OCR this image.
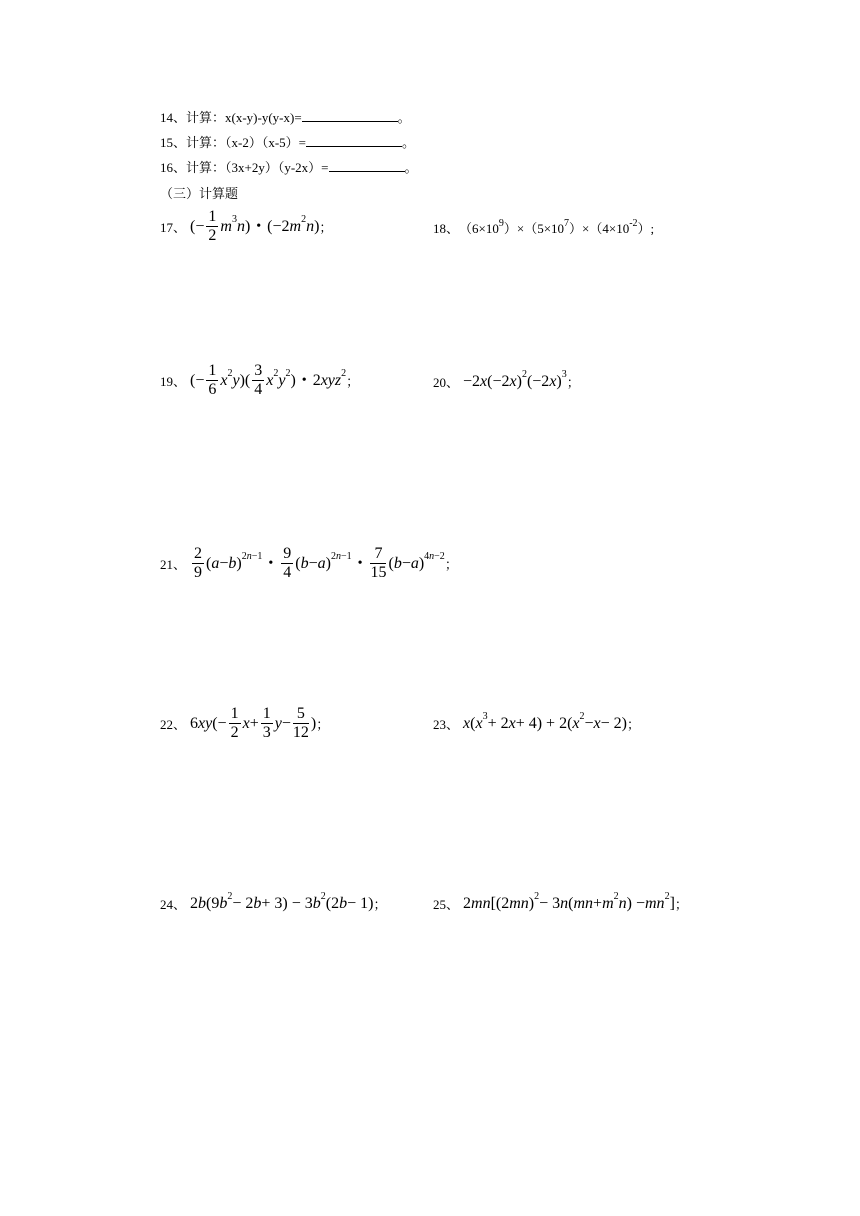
14、计算：x(x-y)-y(y-x)=	。
15、计算：（x-2）（x-5）=	。
16、计算：（3x+2y）（y-2x）=	。
（三）计算题
17、 (− $\frac{1}{2} m^3$ n ) • (−2 $m^2$ n ) ；	18、 $(6\times 10^9)\times(5\times 10^7)\times(4\times 10^{-2})$;
19、 (− $\frac{1}{6} x^2$ y )( $\frac{3}{4} x^2$ $y^2$ ) • 2 xyz$^2$
；	20、 −2 x (−2 x )$^2$ (−2 x )$^3$
；
21、 $\frac{2}{9}$ ( a − b )$^{2n-1}$ • $\frac{9}{4}$ ( b − a )$^{2n-1}$ • $\frac{7}{15}$ ( b − a )$^{4n-2}$
；
22、 6 xy (− $\frac{1}{2}$ $x + \frac{1}{3}$ $y - \frac{5}{12}$ ) ；	23、 x ( $x^3 + 2$ x + 4) + 2( $x^2 - x - 2$) ；
24、 2 b (9 $b^2 - 2$ b + 3) − 3 $b^2$ (2 b − 1) ；	25、 2 mn [(2 mn )$^2$ − 3 n ( mn + $m^2$ n ) − $mn^2$ ] ；
